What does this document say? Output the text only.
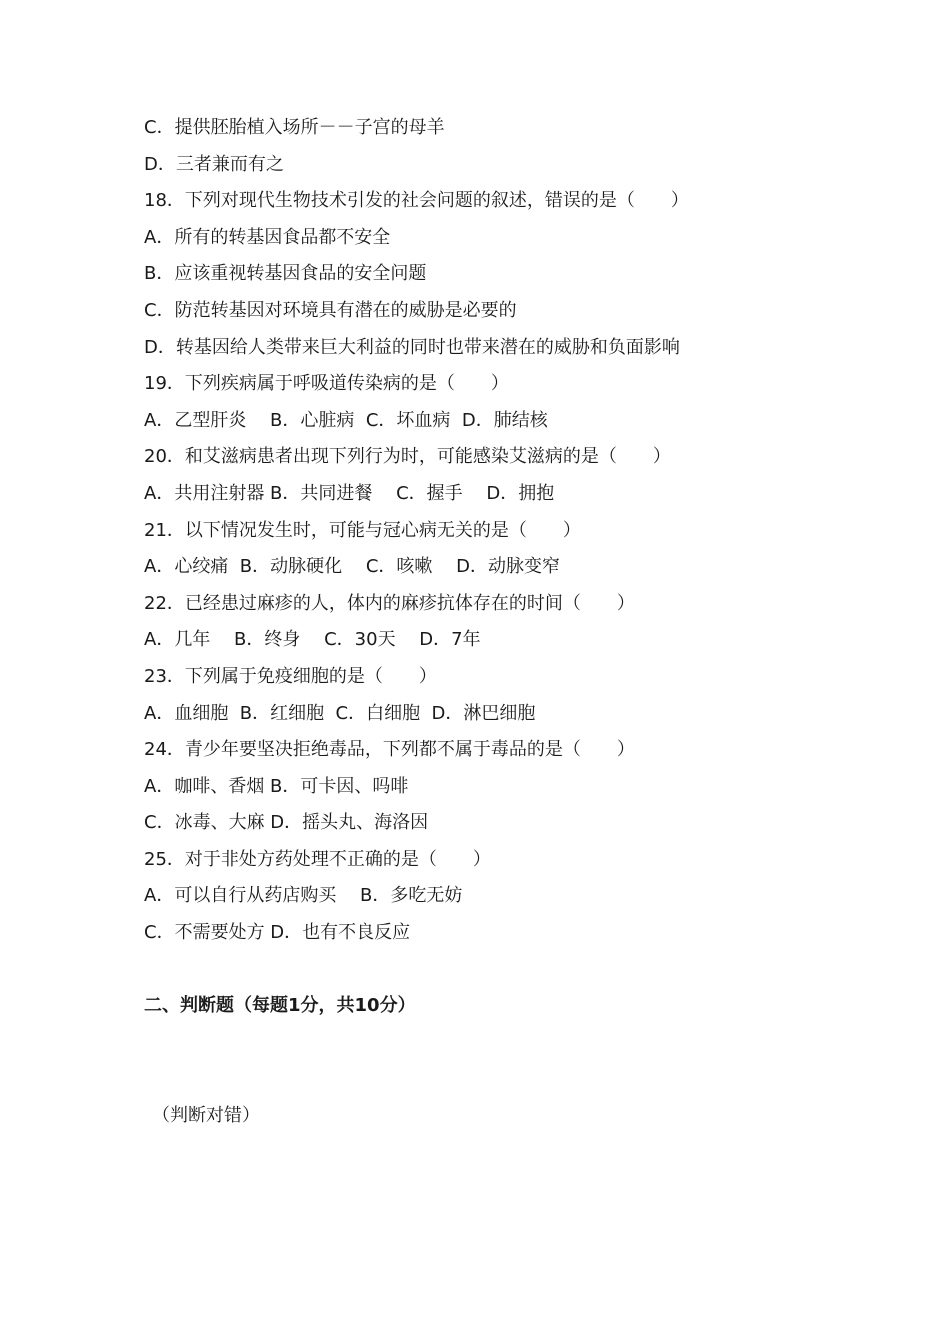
C．提供胚胎植入场所－－子宫的母羊
D．三者兼而有之
18．下列对现代生物技术引发的社会问题的叙述，错误的是（　　）
A．所有的转基因食品都不安全
B．应该重视转基因食品的安全问题
C．防范转基因对环境具有潜在的威胁是必要的
D．转基因给人类带来巨大利益的同时也带来潜在的威胁和负面影响
19．下列疾病属于呼吸道传染病的是（　　）
A．乙型肝炎　 B．心脏病  C．坏血病  D．肺结核
20．和艾滋病患者出现下列行为时，可能感染艾滋病的是（　　）
A．共用注射器 B．共同进餐　 C．握手　 D．拥抱
21．以下情况发生时，可能与冠心病无关的是（　　）
A．心绞痛  B．动脉硬化　 C．咳嗽　 D．动脉变窄
22．已经患过麻疹的人，体内的麻疹抗体存在的时间（　　）
A．几年　 B．终身　 C．30天　 D．7年
23．下列属于免疫细胞的是（　　）
A．血细胞  B．红细胞  C．白细胞  D．淋巴细胞
24．青少年要坚决拒绝毒品，下列都不属于毒品的是（　　）
A．咖啡、香烟 B．可卡因、吗啡
C．冰毒、大麻 D．摇头丸、海洛因
25．对于非处方药处理不正确的是（　　）
A．可以自行从药店购买　 B．多吃无妨
C．不需要处方 D．也有不良反应
二、判断题（每题1分，共10分）

（判断对错）
